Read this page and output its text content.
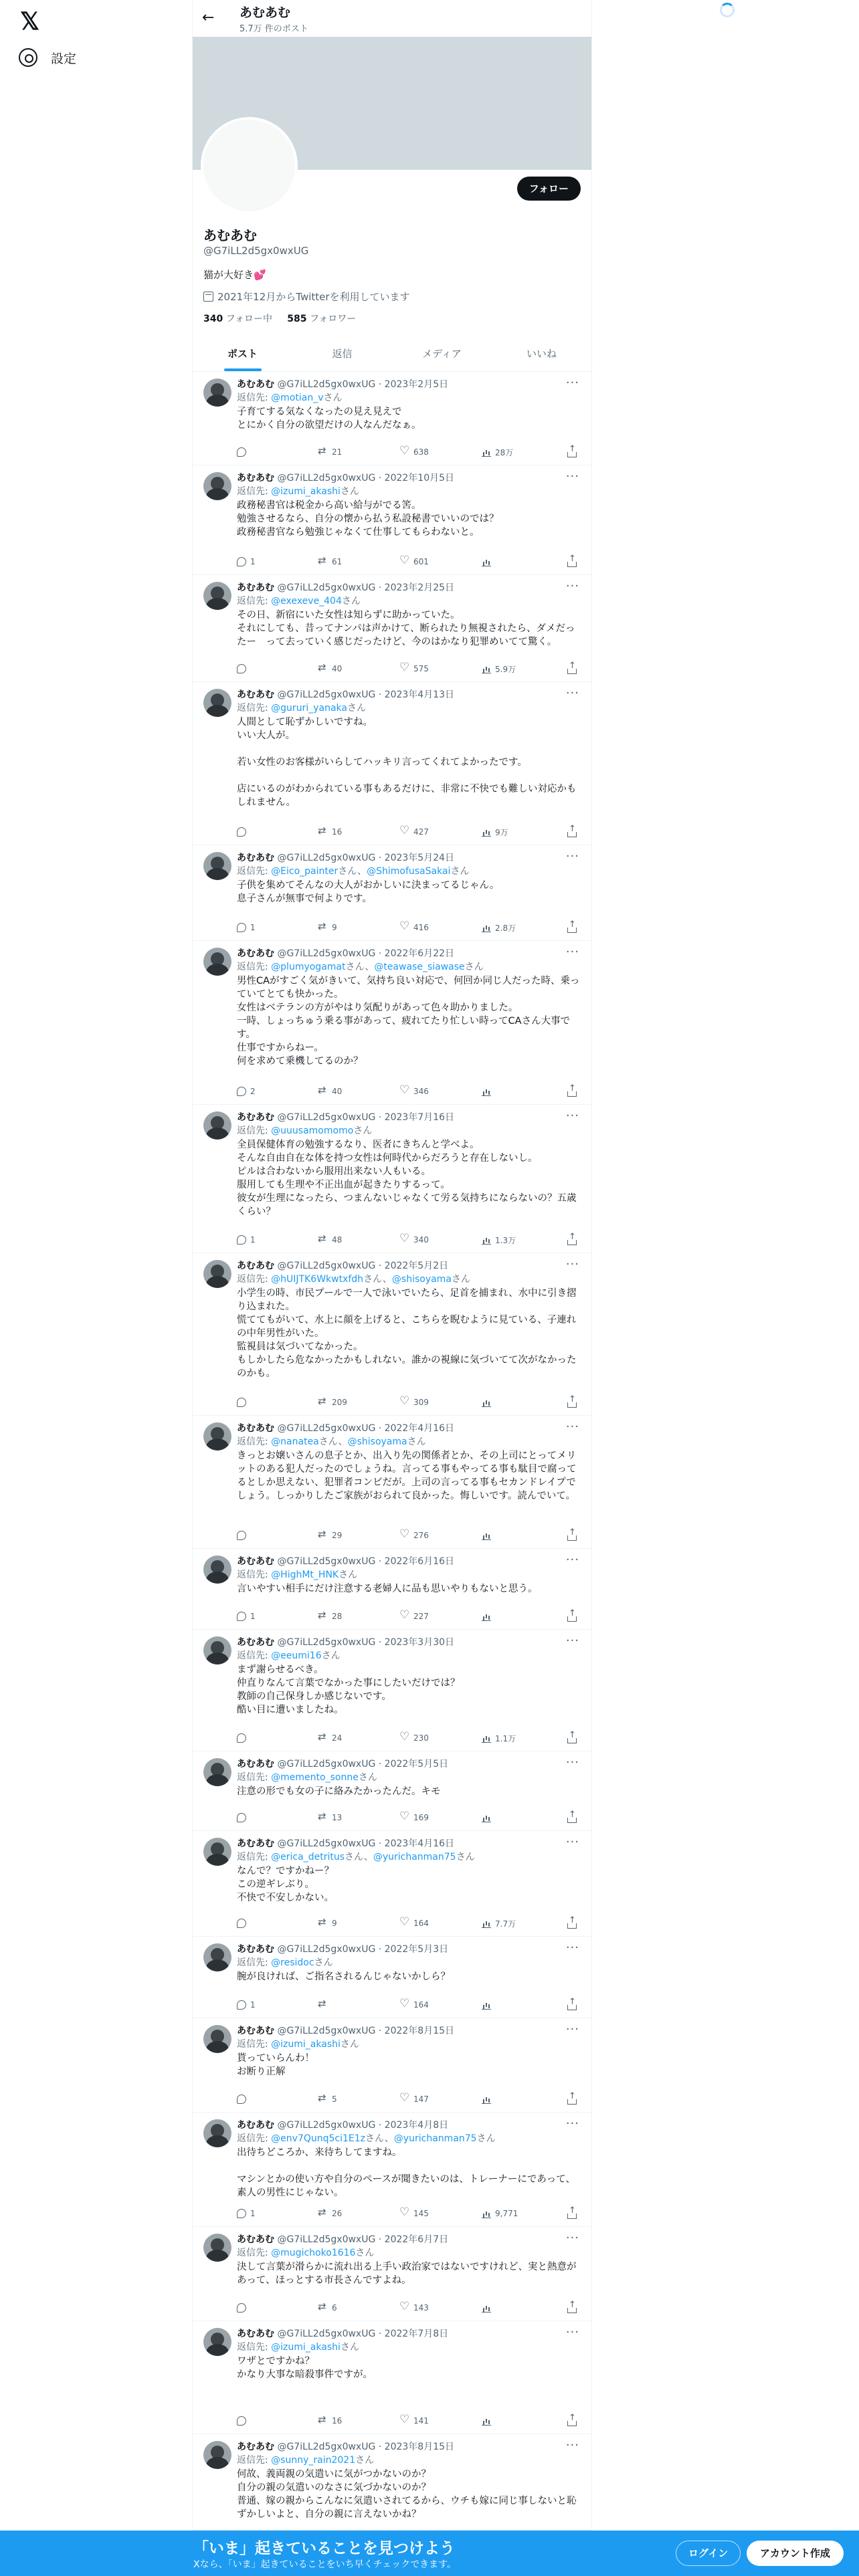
𝕏
設定
← あむあむ
5.7万 件のポスト
フォロー
あむあむ
@G7iLL2d5gx0wxUG
猫が大好き💕
2021年12月からTwitterを利用しています
340 フォロー中 585 フォロワー
ポスト	返信	メディア	いいね
あむあむ @G7iLL2d5gx0wxUG · 2023年2月5日	···
返信先: @motian_vさん
子育てする気なくなったの見え見えで
とにかく自分の欲望だけの人なんだなぁ。
⇄
21 ♡	638	28万
↑
あむあむ @G7iLL2d5gx0wxUG · 2022年10月5日	···
返信先: @izumi_akashiさん
政務秘書官は税金から高い給与がでる筈。
勉強させるなら、自分の懐から払う私設秘書でいいのでは？
政務秘書官なら勉強じゃなくて仕事してもらわないと。
1 ⇄	61 ♡	601
↑
あむあむ @G7iLL2d5gx0wxUG · 2023年2月25日	···
返信先: @exexeve_404さん
その日、新宿にいた女性は知らずに助かっていた。
それにしても、昔ってナンパは声かけて、断られたり無視されたら、ダメだったー　って去っていく感じだったけど、今のはかなり犯罪めいてて驚く。
⇄
40 ♡	575	5.9万
↑
あむあむ @G7iLL2d5gx0wxUG · 2023年4月13日	···
返信先: @gururi_yanakaさん
人間として恥ずかしいですね。
いい大人が。
若い女性のお客様がいらしてハッキリ言ってくれてよかったです。
店にいるのがわかられている事もあるだけに、非常に不快でも難しい対応かもしれません。
⇄
16 ♡	427	9万
↑
あむあむ @G7iLL2d5gx0wxUG · 2023年5月24日	···
返信先: @Eico_painterさん、@ShimofusaSakaiさん
子供を集めてそんなの大人がおかしいに決まってるじゃん。
息子さんが無事で何よりです。
1 ⇄	9 ♡	416	2.8万
↑
あむあむ @G7iLL2d5gx0wxUG · 2022年6月22日	···
返信先: @plumyogamatさん、@teawase_siawaseさん
男性CAがすごく気がきいて、気持ち良い対応で、何回か同じ人だった時、乗っていてとても快かった。
女性はベテランの方がやはり気配りがあって色々助かりました。
一時、しょっちゅう乗る事があって、疲れてたり忙しい時ってCAさん大事です。
仕事ですからねー。
何を求めて乗機してるのか？
2 ⇄	40 ♡	346
↑
あむあむ @G7iLL2d5gx0wxUG · 2023年7月16日	···
返信先: @uuusamomomoさん
全員保健体育の勉強するなり、医者にきちんと学べよ。
そんな自由自在な体を持つ女性は何時代からだろうと存在しないし。
ピルは合わないから服用出来ない人もいる。
服用しても生理や不正出血が起きたりするって。
彼女が生理になったら、つまんないじゃなくて労る気持ちにならないの？五歳くらい？
1 ⇄	48 ♡	340	1.3万
↑
あむあむ @G7iLL2d5gx0wxUG · 2022年5月2日	···
返信先: @hUIJTK6Wkwtxfdhさん、@shisoyamaさん
小学生の時、市民プールで一人で泳いでいたら、足首を捕まれ、水中に引き摺り込まれた。
慌ててもがいて、水上に顔を上げると、こちらを睨むように見ている、子連れの中年男性がいた。
監視員は気づいてなかった。
もしかしたら危なかったかもしれない。誰かの視線に気づいてて次がなかったのかも。
⇄
209 ♡	309
↑
あむあむ @G7iLL2d5gx0wxUG · 2022年4月16日	···
返信先: @nanateaさん、@shisoyamaさん
きっとお嬢いさんの息子とか、出入り先の関係者とか、その上司にとってメリットのある犯人だったのでしょうね。言ってる事もやってる事も駄目で腐ってるとしか思えない、犯罪者コンビだが。上司の言ってる事もセカンドレイプでしょう。しっかりしたご家族がおられて良かった。悔しいです。読んでいて。
⇄
29 ♡	276
↑
あむあむ @G7iLL2d5gx0wxUG · 2022年6月16日	···
返信先: @HighMt_HNKさん
言いやすい相手にだけ注意する老婦人に品も思いやりもないと思う。
1 ⇄	28 ♡	227
↑
あむあむ @G7iLL2d5gx0wxUG · 2023年3月30日	···
返信先: @eeumi16さん
まず謝らせるべき。
仲直りなんて言葉でなかった事にしたいだけでは？
教師の自己保身しか感じないです。
酷い目に遭いましたね。
⇄
24 ♡	230	1.1万
↑
あむあむ @G7iLL2d5gx0wxUG · 2022年5月5日	···
返信先: @memento_sonneさん
注意の形でも女の子に絡みたかったんだ。キモ
⇄
13 ♡	169
↑
あむあむ @G7iLL2d5gx0wxUG · 2023年4月16日	···
返信先: @erica_detritusさん、@yurichanman75さん
なんで？ですかねー？
この逆ギレぶり。
不快で不安しかない。
⇄
9 ♡	164	7.7万
↑
あむあむ @G7iLL2d5gx0wxUG · 2022年5月3日	···
返信先: @residocさん
腕が良ければ、ご指名されるんじゃないかしら？
1 ⇄ ♡	164
↑
あむあむ @G7iLL2d5gx0wxUG · 2022年8月15日	···
返信先: @izumi_akashiさん
貰っていらんわ！
お断り正解
⇄
5 ♡	147
↑
あむあむ @G7iLL2d5gx0wxUG · 2023年4月8日	···
返信先: @env7Qunq5ci1E1zさん、@yurichanman75さん
出待ちどころか、来待ちしてますね。
マシンとかの使い方や自分のペースが聞きたいのは、トレーナーにであって、素人の男性にじゃない。
1 ⇄	26 ♡	145	9,771
↑
あむあむ @G7iLL2d5gx0wxUG · 2022年6月7日	···
返信先: @mugichoko1616さん
決して言葉が滑らかに流れ出る上手い政治家ではないですけれど、実と熱意があって、ほっとする市長さんですよね。
⇄
6 ♡	143
↑
あむあむ @G7iLL2d5gx0wxUG · 2022年7月8日	···
返信先: @izumi_akashiさん
ワザとですかね？
かなり大事な暗殺事件ですが。
⇄
16 ♡	141
↑
あむあむ @G7iLL2d5gx0wxUG · 2023年8月15日	···
返信先: @sunny_rain2021さん
何故、義両親の気遣いに気がつかないのか？
自分の親の気遣いのなさに気づかないのか？
普通、嫁の親からこんなに気遣いされてるから、ウチも嫁に同じ事しないと恥ずかしいよと、自分の親に言えないかね？
「いま」起きていることを見つけよう
Xなら、「いま」起きていることをいち早くチェックできます。
ログイン	アカウント作成
